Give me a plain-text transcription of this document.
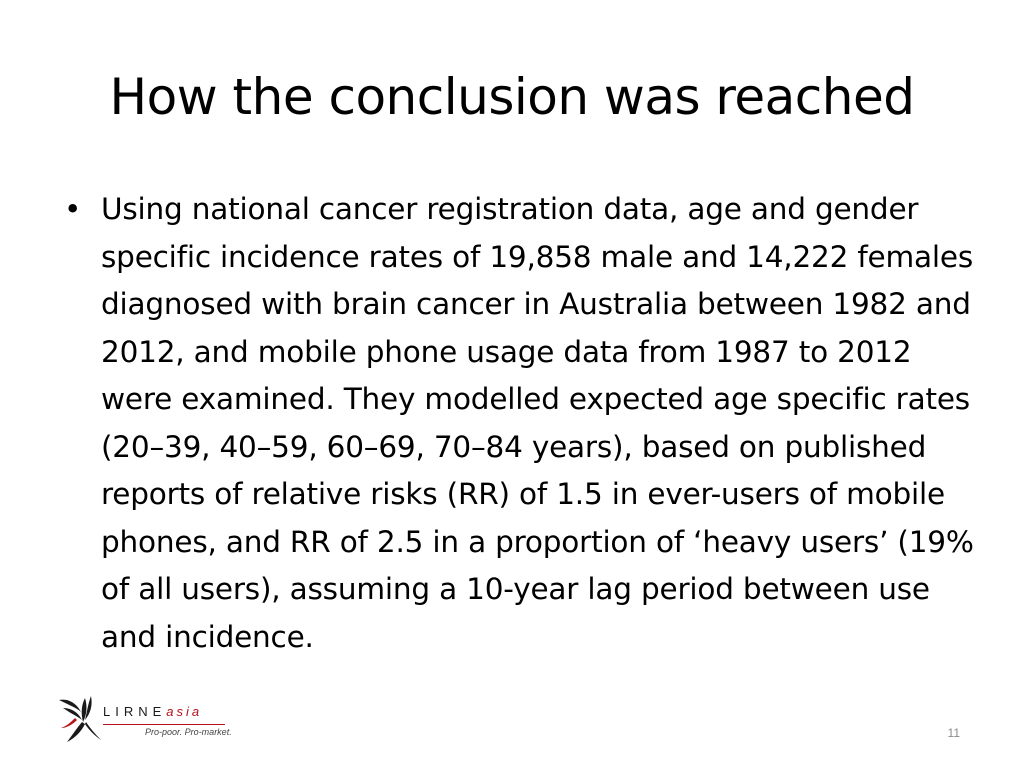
How the conclusion was reached
• Using national cancer registration data, age and gender specific incidence rates of 19,858 male and 14,222 females diagnosed with brain cancer in Australia between 1982 and 2012, and mobile phone usage data from 1987 to 2012 were examined. They modelled expected age specific rates (20–39, 40–59, 60–69, 70–84 years), based on published reports of relative risks (RR) of 1.5 in ever-users of mobile phones, and RR of 2.5 in a proportion of ‘heavy users’ (19% of all users), assuming a 10-year lag period between use and incidence.
LIRNEasia
Pro-poor. Pro-market.	11
